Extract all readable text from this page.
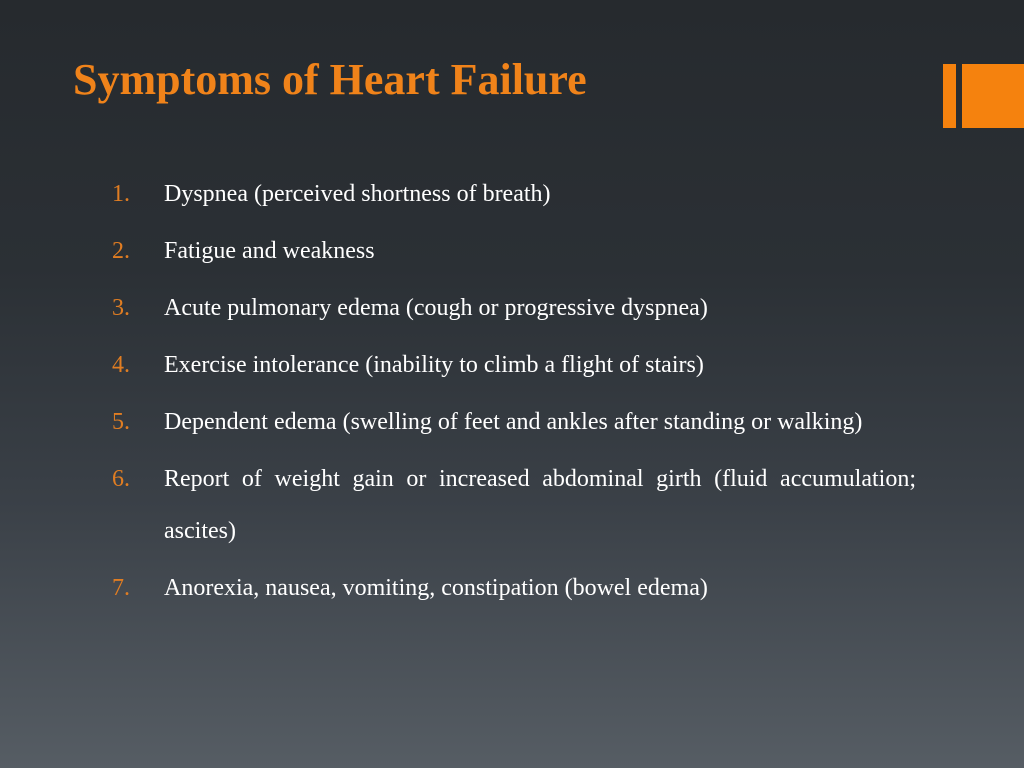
Symptoms of Heart Failure
1. Dyspnea (perceived shortness of breath)
2. Fatigue and weakness
3. Acute pulmonary edema (cough or progressive dyspnea)
4. Exercise intolerance (inability to climb a flight of stairs)
5. Dependent edema (swelling of feet and ankles after standing or walking)
6. Report of weight gain or increased abdominal girth (fluid accumulation; ascites)
7. Anorexia, nausea, vomiting, constipation (bowel edema)
